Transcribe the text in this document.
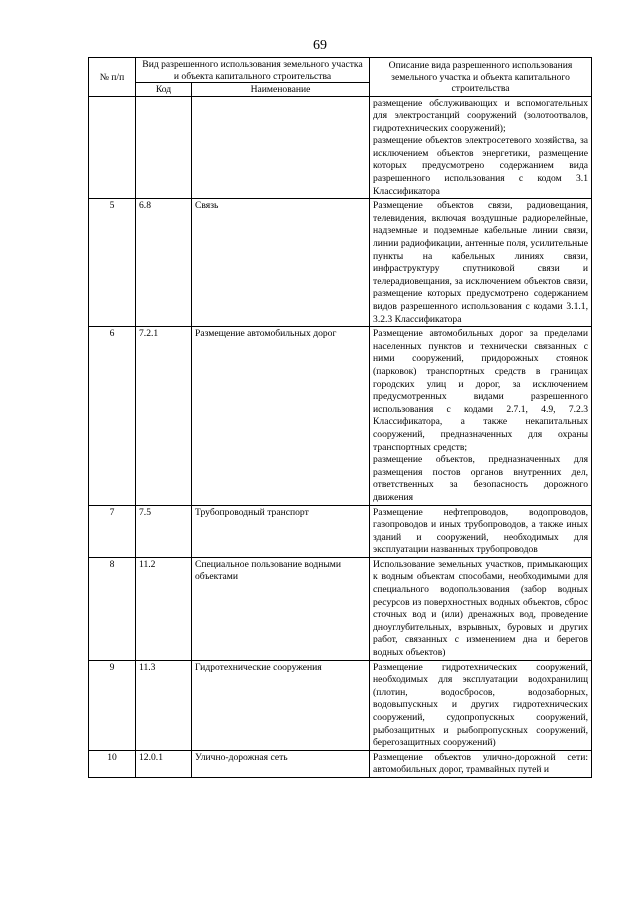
69
№ п/п	Вид разрешенного использования земельного участка и объекта капитального строительства		Описание вида разрешенного использования земельного участка и объекта капитального строительства
	Код	Наименование	

			размещение обслуживающих и вспомогательных для электростанций сооружений (золотоотвалов, гидротехнических сооружений);

размещение объектов электросетевого хозяйства, за исключением объектов энергетики, размещение которых предусмотрено содержанием вида разрешенного использования с кодом 3.1 Классификатора

5	6.8	Связь	Размещение объектов связи, радиовещания, телевидения, включая воздушные радиорелейные, надземные и подземные кабельные линии связи, линии радиофикации, антенные поля, усилительные пункты на кабельных линиях связи, инфраструктуру спутниковой связи и телерадиовещания, за исключением объектов связи, размещение которых предусмотрено содержанием видов разрешенного использования с кодами 3.1.1, 3.2.3 Классификатора

6	7.2.1	Размещение автомобильных дорог	Размещение автомобильных дорог за пределами населенных пунктов и технически связанных с ними сооружений, придорожных стоянок (парковок) транспортных средств в границах городских улиц и дорог, за исключением предусмотренных видами разрешенного использования с кодами 2.7.1, 4.9, 7.2.3 Классификатора, а также некапитальных сооружений, предназначенных для охраны транспортных средств;

размещение объектов, предназначенных для размещения постов органов внутренних дел, ответственных за безопасность дорожного движения

7	7.5	Трубопроводный транспорт	Размещение нефтепроводов, водопроводов, газопроводов и иных трубопроводов, а также иных зданий и сооружений, необходимых для эксплуатации названных трубопроводов

8	11.2	Специальное пользование водными объектами	Использование земельных участков, примыкающих к водным объектам способами, необходимыми для специального водопользования (забор водных ресурсов из поверхностных водных объектов, сброс сточных вод и (или) дренажных вод, проведение дноуглубительных, взрывных, буровых и других работ, связанных с изменением дна и берегов водных объектов)

9	11.3	Гидротехнические сооружения	Размещение гидротехнических сооружений, необходимых для эксплуатации водохранилищ (плотин, водосбросов, водозаборных, водовыпускных и других гидротехнических сооружений, судопропускных сооружений, рыбозащитных и рыбопропускных сооружений, берегозащитных сооружений)

10	12.0.1	Улично-дорожная сеть	Размещение объектов улично-дорожной сети: автомобильных дорог, трамвайных путей и
